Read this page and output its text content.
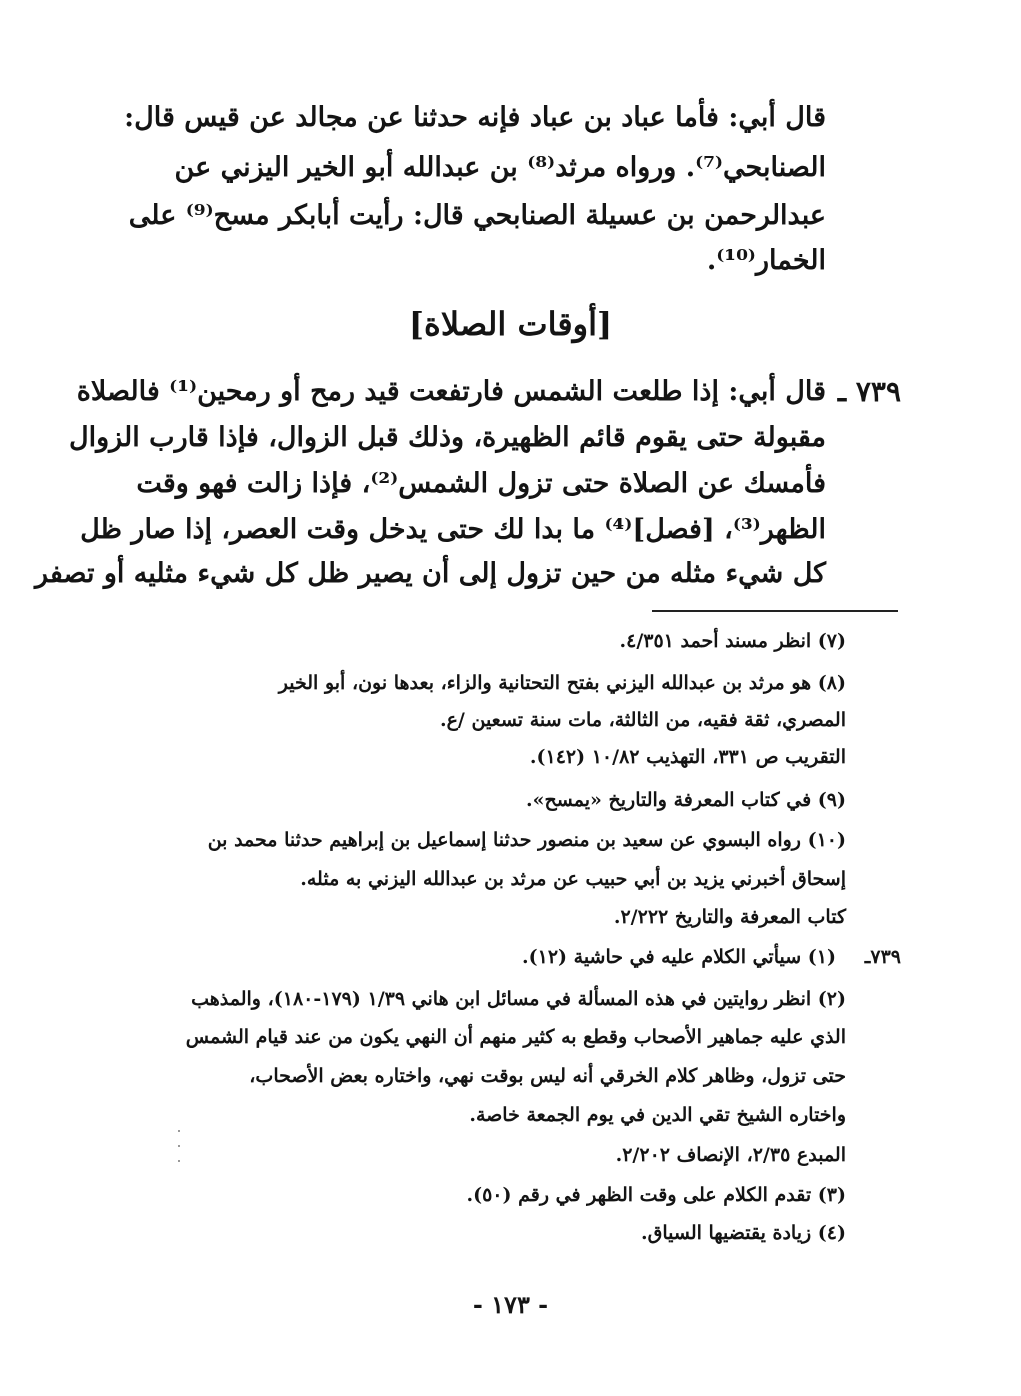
قال أبي: فأما عباد بن عباد فإنه حدثنا عن مجالد عن قيس قال:
الصنابحي⁽⁷⁾. ورواه مرثد⁽⁸⁾ بن عبدالله أبو الخير اليزني عن
عبدالرحمن بن عسيلة الصنابحي قال: رأيت أبابكر مسح⁽⁹⁾ على
الخمار⁽¹⁰⁾.
[أوقات الصلاة]
٧٣٩ ـ
قال أبي: إذا طلعت الشمس فارتفعت قيد رمح أو رمحين⁽¹⁾ فالصلاة
مقبولة حتى يقوم قائم الظهيرة، وذلك قبل الزوال، فإذا قارب الزوال
فأمسك عن الصلاة حتى تزول الشمس⁽²⁾، فإذا زالت فهو وقت
الظهر⁽³⁾، [فصل]⁽⁴⁾ ما بدا لك حتى يدخل وقت العصر، إذا صار ظل
كل شيء مثله من حين تزول إلى أن يصير ظل كل شيء مثليه أو تصفر
(٧) انظر مسند أحمد ٤/٣٥١.
(٨) هو مرثد بن عبدالله اليزني بفتح التحتانية والزاء، بعدها نون، أبو الخير
المصري، ثقة فقيه، من الثالثة، مات سنة تسعين /ع.
التقريب ص ٣٣١، التهذيب ١٠/٨٢ (١٤٢).
(٩) في كتاب المعرفة والتاريخ «يمسح».
(١٠) رواه البسوي عن سعيد بن منصور حدثنا إسماعيل بن إبراهيم حدثنا محمد بن
إسحاق أخبرني يزيد بن أبي حبيب عن مرثد بن عبدالله اليزني به مثله.
كتاب المعرفة والتاريخ ٢/٢٢٢.
٧٣٩ـ
(١) سيأتي الكلام عليه في حاشية (١٢).
(٢) انظر روايتين في هذه المسألة في مسائل ابن هاني ١/٣٩ (١٧٩-١٨٠)، والمذهب
الذي عليه جماهير الأصحاب وقطع به كثير منهم أن النهي يكون من عند قيام الشمس
حتى تزول، وظاهر كلام الخرقي أنه ليس بوقت نهي، واختاره بعض الأصحاب،
واختاره الشيخ تقي الدين في يوم الجمعة خاصة.
المبدع ٢/٣٥، الإنصاف ٢/٢٠٢.
(٣) تقدم الكلام على وقت الظهر في رقم (٥٠).
(٤) زيادة يقتضيها السياق.
- ١٧٣ -
